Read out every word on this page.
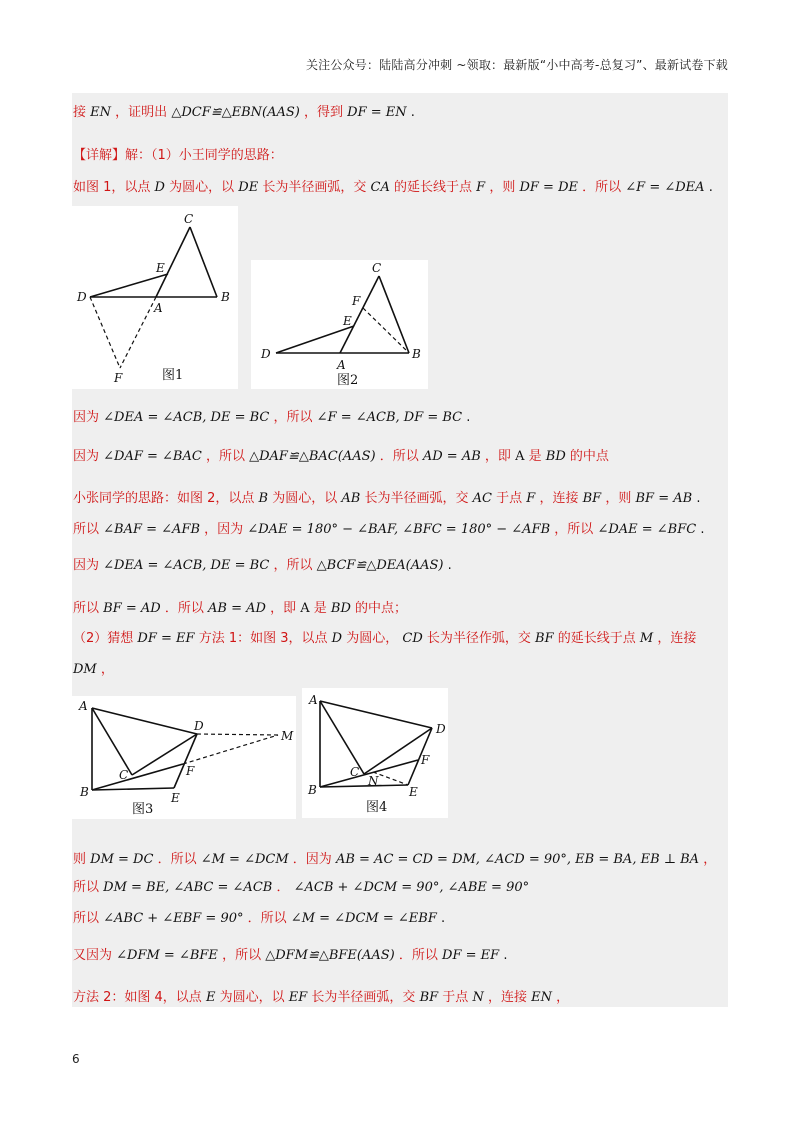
关注公众号：陆陆高分冲刺 ~领取：最新版“小中高考-总复习”、最新试卷下载
接 EN ，证明出 △DCF≌△EBN(AAS) ，得到 DF = EN .
【详解】解：（1）小王同学的思路：
如图 1，以点 D 为圆心，以 DE 长为半径画弧，交 CA 的延长线于点 F ，则 DF = DE ．所以 ∠F = ∠DEA .
C
E
D
A
B
F	图1
C
F
E
D
A
B
图2
因为 ∠DEA = ∠ACB, DE = BC ，所以 ∠F = ∠ACB, DF = BC .
因为 ∠DAF = ∠BAC ，所以 △DAF≌△BAC(AAS) ．所以 AD = AB ，即 A 是 BD 的中点
小张同学的思路：如图 2，以点 B 为圆心，以 AB 长为半径画弧，交 AC 于点 F ，连接 BF ，则 BF = AB .
所以 ∠BAF = ∠AFB ，因为 ∠DAE = 180° − ∠BAF, ∠BFC = 180° − ∠AFB ，所以 ∠DAE = ∠BFC .
因为 ∠DEA = ∠ACB, DE = BC ，所以 △BCF≌△DEA(AAS) .
所以 BF = AD ．所以 AB = AD ，即 A 是 BD 的中点；
（2）猜想 DF = EF 方法 1：如图 3，以点 D 为圆心， CD 长为半径作弧，交 BF 的延长线于点 M ，连接
DM ，
A
D
M
C	F
B	E
图3
A
D
C
N
F
B	E
图4
则 DM = DC ．所以 ∠M = ∠DCM ．因为 AB = AC = CD = DM, ∠ACD = 90°, EB = BA, EB ⊥ BA ，
所以 DM = BE, ∠ABC = ∠ACB ． ∠ACB + ∠DCM = 90°, ∠ABE = 90°
所以 ∠ABC + ∠EBF = 90° ．所以 ∠M = ∠DCM = ∠EBF .
又因为 ∠DFM = ∠BFE ，所以 △DFM≌△BFE(AAS) ．所以 DF = EF .
方法 2：如图 4，以点 E 为圆心，以 EF 长为半径画弧，交 BF 于点 N ，连接 EN ，
6
